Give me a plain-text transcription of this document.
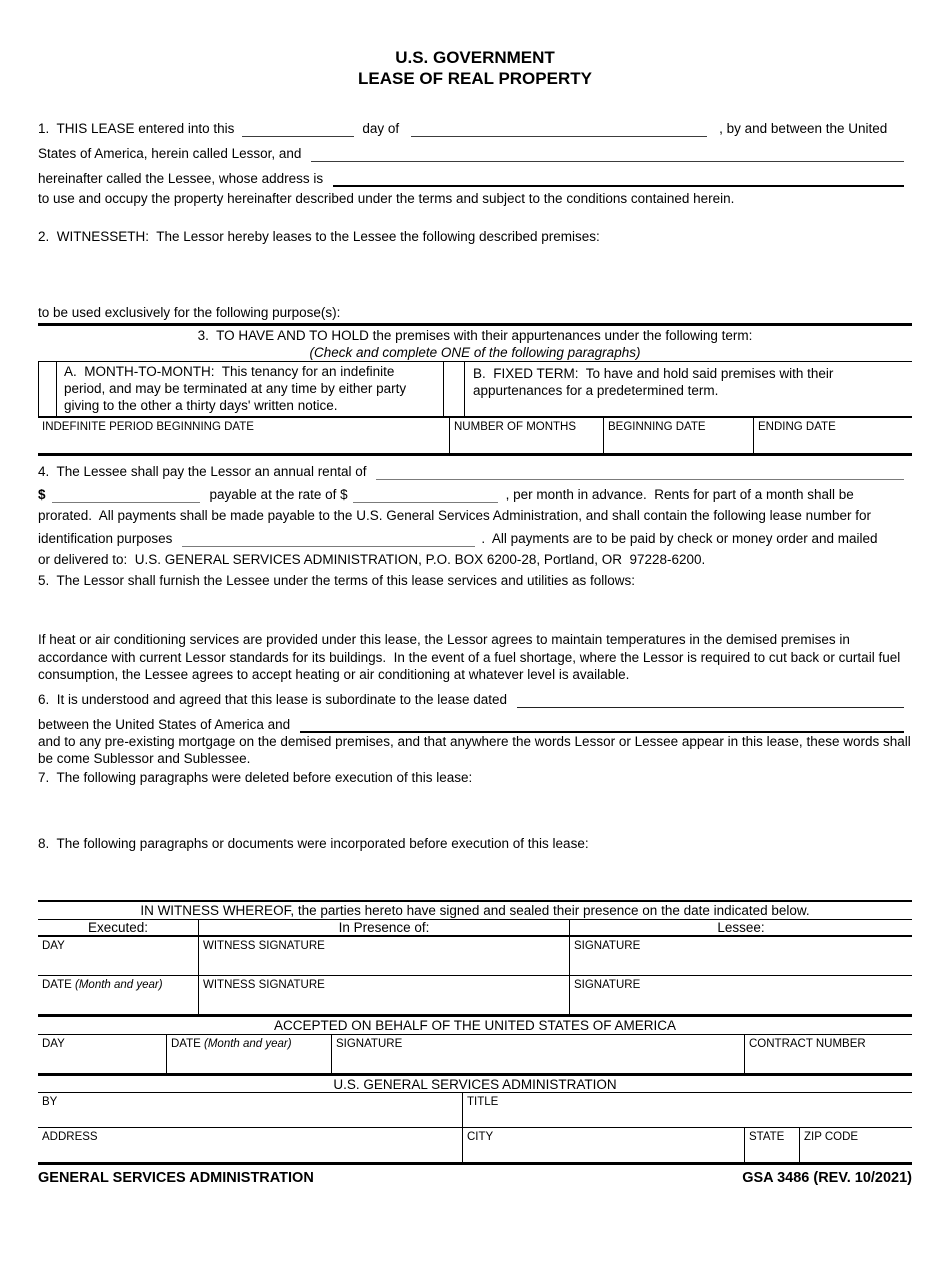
U.S. GOVERNMENT
LEASE OF REAL PROPERTY
1.  THIS LEASE entered into this	day of	, by and between the United
States of America, herein called Lessor, and
hereinafter called the Lessee, whose address is
to use and occupy the property hereinafter described under the terms and subject to the conditions contained herein.
2.  WITNESSETH:  The Lessor hereby leases to the Lessee the following described premises:
to be used exclusively for the following purpose(s):
3.  TO HAVE AND TO HOLD the premises with their appurtenances under the following term:
(Check and complete ONE of the following paragraphs)
A.  MONTH-TO-MONTH:  This tenancy for an indefinite period, and may be terminated at any time by either party giving to the other a thirty days' written notice.
B.  FIXED TERM:  To have and hold said premises with their appurtenances for a predetermined term.
INDEFINITE PERIOD BEGINNING DATE	NUMBER OF MONTHS	BEGINNING DATE	ENDING DATE
4.  The Lessee shall pay the Lessor an annual rental of
$	payable at the rate of $	, per month in advance.  Rents for part of a month shall be
prorated.  All payments shall be made payable to the U.S. General Services Administration, and shall contain the following lease number for
identification purposes	.  All payments are to be paid by check or money order and mailed
or delivered to:  U.S. GENERAL SERVICES ADMINISTRATION, P.O. BOX 6200-28, Portland, OR  97228-6200.
5.  The Lessor shall furnish the Lessee under the terms of this lease services and utilities as follows:
If heat or air conditioning services are provided under this lease, the Lessor agrees to maintain temperatures in the demised premises in accordance with current Lessor standards for its buildings.  In the event of a fuel shortage, where the Lessor is required to cut back or curtail fuel consumption, the Lessee agrees to accept heating or air conditioning at whatever level is available.
6.  It is understood and agreed that this lease is subordinate to the lease dated
between the United States of America and
and to any pre-existing mortgage on the demised premises, and that anywhere the words Lessor or Lessee appear in this lease, these words shall be come Sublessor and Sublessee.
7.  The following paragraphs were deleted before execution of this lease:
8.  The following paragraphs or documents were incorporated before execution of this lease:
IN WITNESS WHEREOF, the parties hereto have signed and sealed their presence on the date indicated below.
Executed:	In Presence of:	Lessee:
DAY	WITNESS SIGNATURE	SIGNATURE
DATE (Month and year)	WITNESS SIGNATURE	SIGNATURE
ACCEPTED ON BEHALF OF THE UNITED STATES OF AMERICA
DAY	DATE (Month and year)	SIGNATURE	CONTRACT NUMBER
U.S. GENERAL SERVICES ADMINISTRATION
BY	TITLE
ADDRESS	CITY	STATE	ZIP CODE
GENERAL SERVICES ADMINISTRATION	GSA 3486 (REV. 10/2021)
